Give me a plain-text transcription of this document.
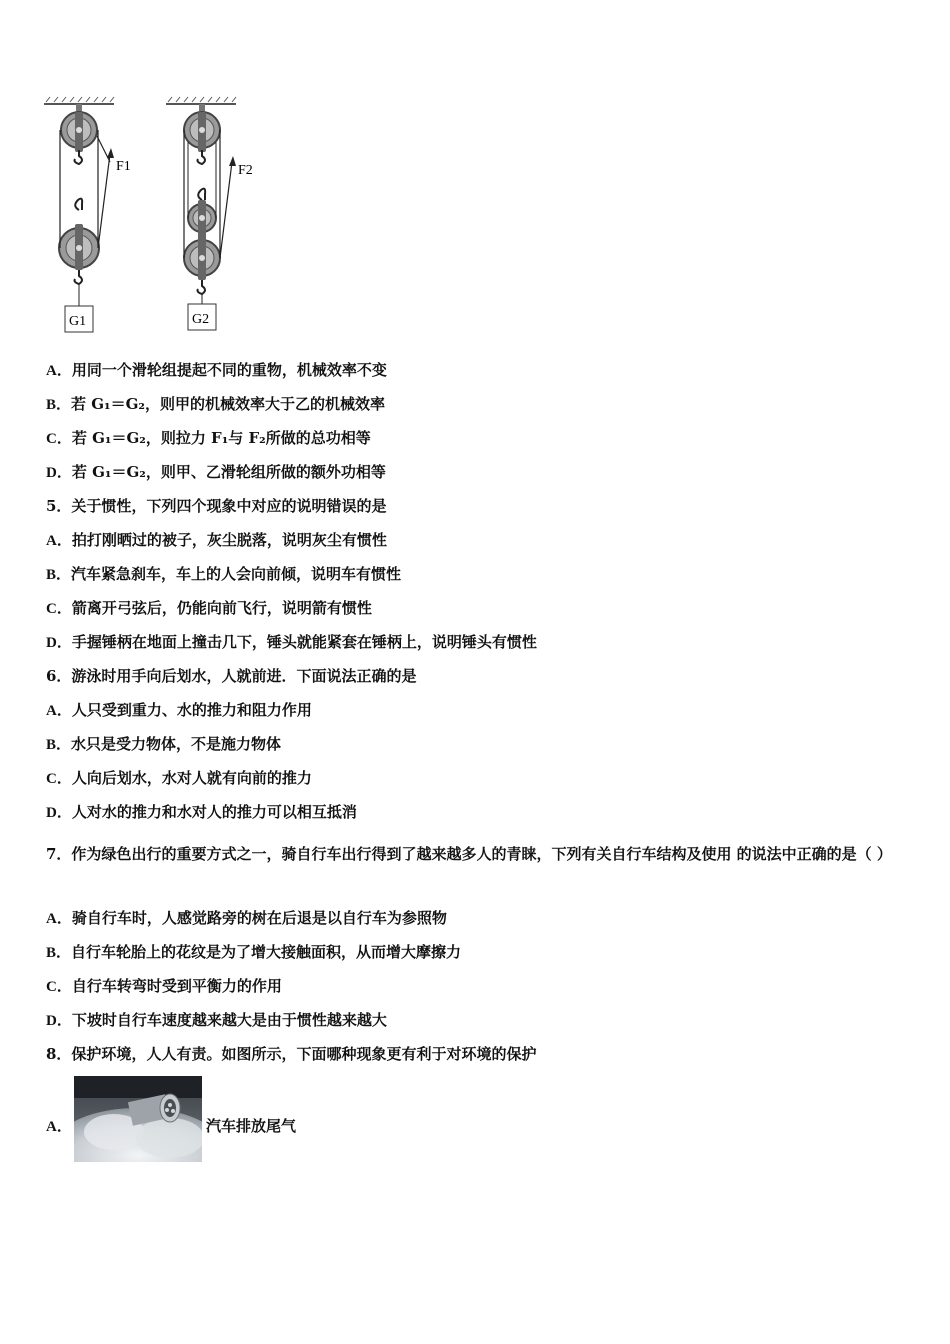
F1
G1
F2
G2
A．用同一个滑轮组提起不同的重物，机械效率不变
B．若 G₁＝G₂，则甲的机械效率大于乙的机械效率
C．若 G₁＝G₂，则拉力 F₁与 F₂所做的总功相等
D．若 G₁＝G₂，则甲、乙滑轮组所做的额外功相等
5．关于惯性，下列四个现象中对应的说明错误的是
A．拍打刚晒过的被子，灰尘脱落，说明灰尘有惯性
B．汽车紧急刹车，车上的人会向前倾，说明车有惯性
C．箭离开弓弦后，仍能向前飞行，说明箭有惯性
D．手握锤柄在地面上撞击几下，锤头就能紧套在锤柄上，说明锤头有惯性
6．游泳时用手向后划水，人就前进．下面说法正确的是
A．人只受到重力、水的推力和阻力作用
B．水只是受力物体，不是施力物体
C．人向后划水，水对人就有向前的推力
D．人对水的推力和水对人的推力可以相互抵消
7．作为绿色出行的重要方式之一，骑自行车出行得到了越来越多人的青睐，下列有关自行车结构及使用 的说法中正确的是（ ）
A．骑自行车时，人感觉路旁的树在后退是以自行车为参照物
B．自行车轮胎上的花纹是为了增大接触面积，从而增大摩擦力
C．自行车转弯时受到平衡力的作用
D．下坡时自行车速度越来越大是由于惯性越来越大
8．保护环境，人人有责。如图所示，下面哪种现象更有利于对环境的保护
A．	汽车排放尾气
